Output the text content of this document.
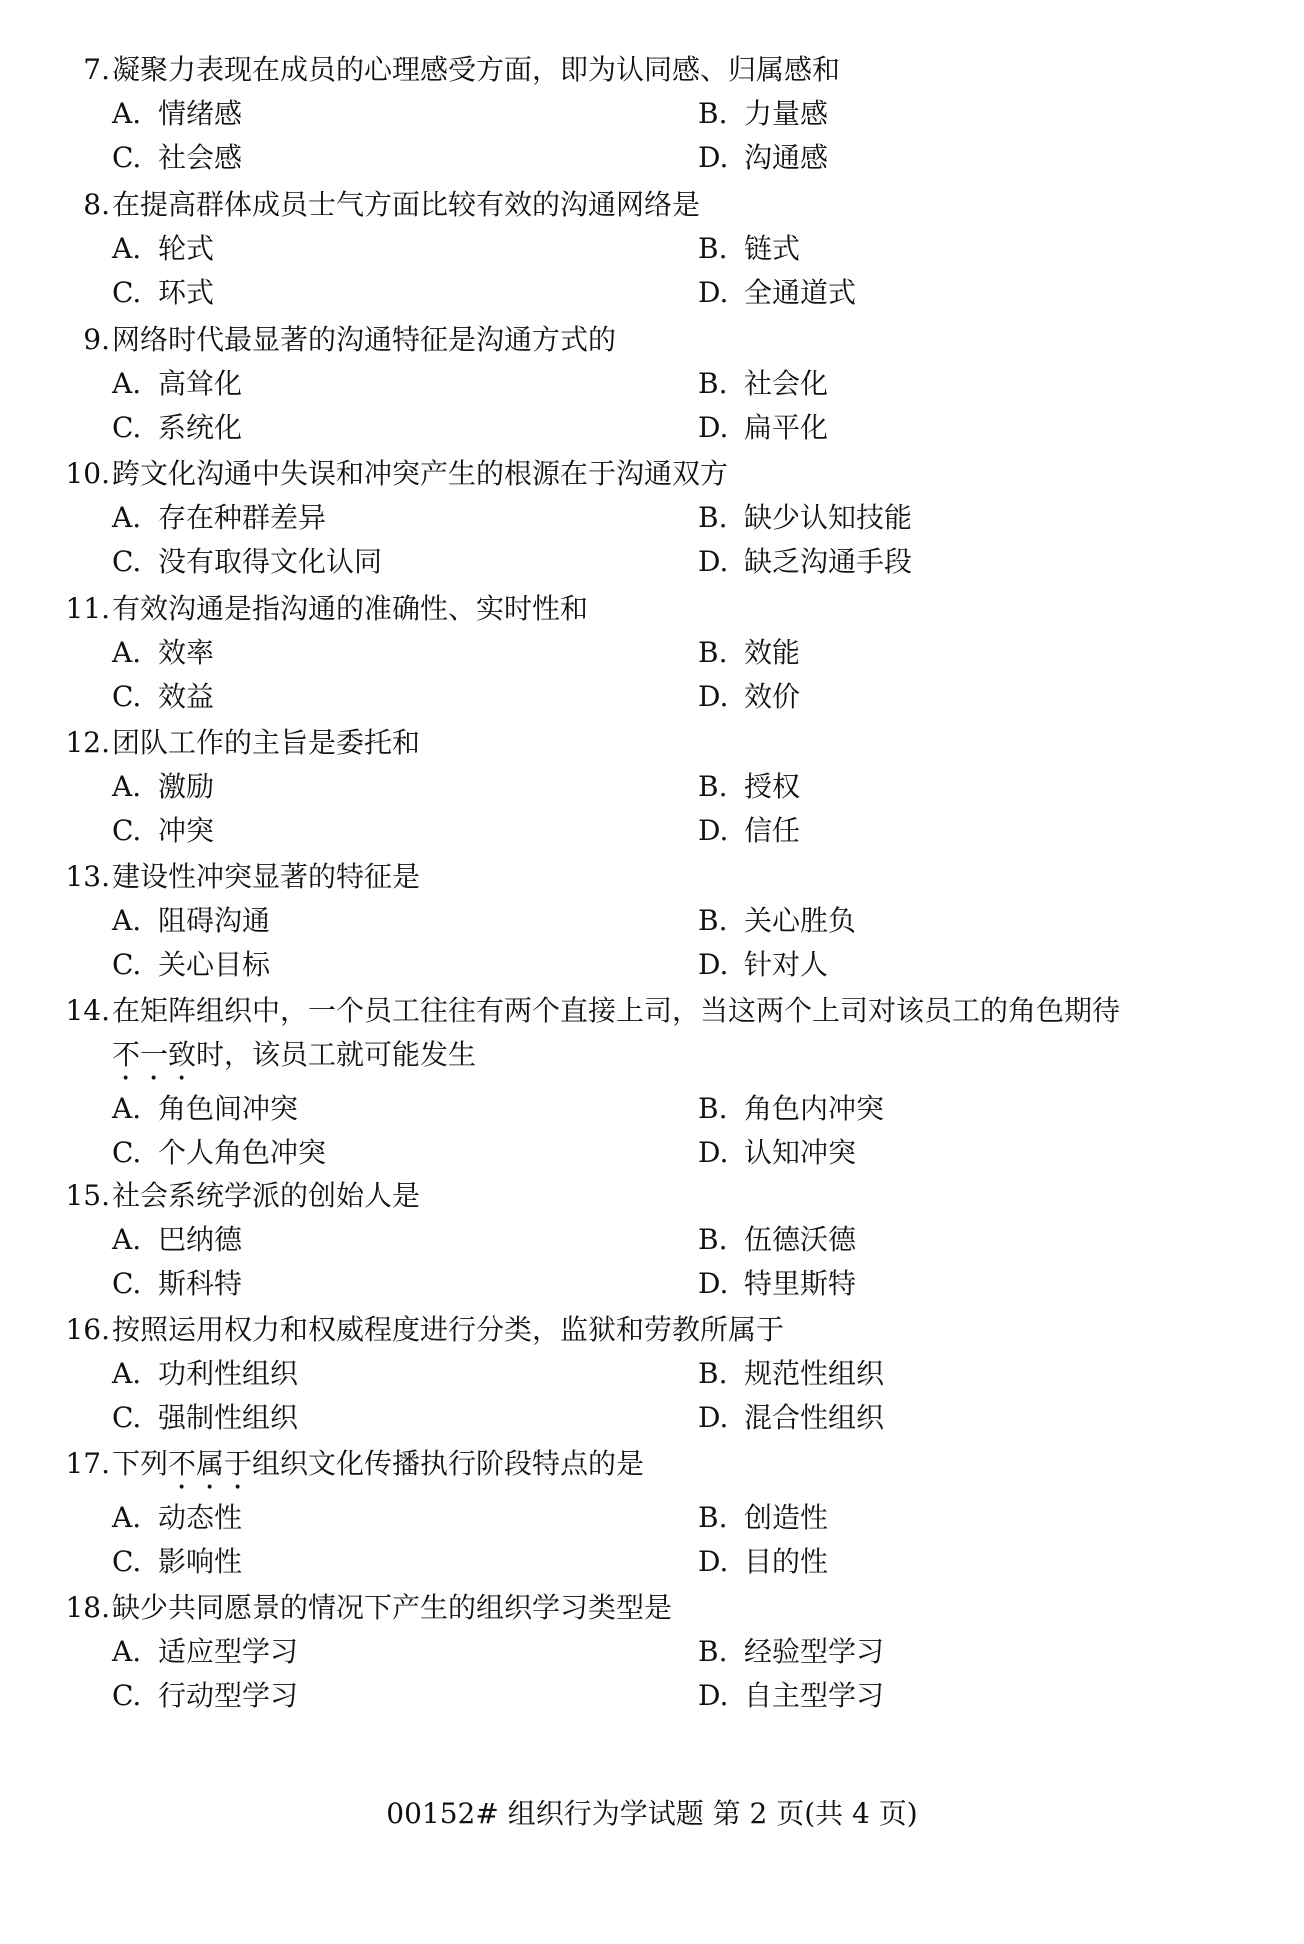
7. 凝聚力表现在成员的心理感受方面，即为认同感、归属感和
A. 情绪感	B. 力量感
C. 社会感	D. 沟通感
8. 在提高群体成员士气方面比较有效的沟通网络是
A. 轮式	B. 链式
C. 环式	D. 全通道式
9. 网络时代最显著的沟通特征是沟通方式的
A. 高耸化	B. 社会化
C. 系统化	D. 扁平化
10. 跨文化沟通中失误和冲突产生的根源在于沟通双方
A. 存在种群差异	B. 缺少认知技能
C. 没有取得文化认同	D. 缺乏沟通手段
11. 有效沟通是指沟通的准确性、实时性和
A. 效率	B. 效能
C. 效益	D. 效价
12. 团队工作的主旨是委托和
A. 激励	B. 授权
C. 冲突	D. 信任
13. 建设性冲突显著的特征是
A. 阻碍沟通	B. 关心胜负
C. 关心目标	D. 针对人
14. 在矩阵组织中，一个员工往往有两个直接上司，当这两个上司对该员工的角色期待
不一致时，该员工就可能发生
A. 角色间冲突	B. 角色内冲突
C. 个人角色冲突	D. 认知冲突
15. 社会系统学派的创始人是
A. 巴纳德	B. 伍德沃德
C. 斯科特	D. 特里斯特
16. 按照运用权力和权威程度进行分类，监狱和劳教所属于
A. 功利性组织	B. 规范性组织
C. 强制性组织	D. 混合性组织
17. 下列不属于组织文化传播执行阶段特点的是
A. 动态性	B. 创造性
C. 影响性	D. 目的性
18. 缺少共同愿景的情况下产生的组织学习类型是
A. 适应型学习	B. 经验型学习
C. 行动型学习	D. 自主型学习
00152# 组织行为学试题 第 2 页(共 4 页)
